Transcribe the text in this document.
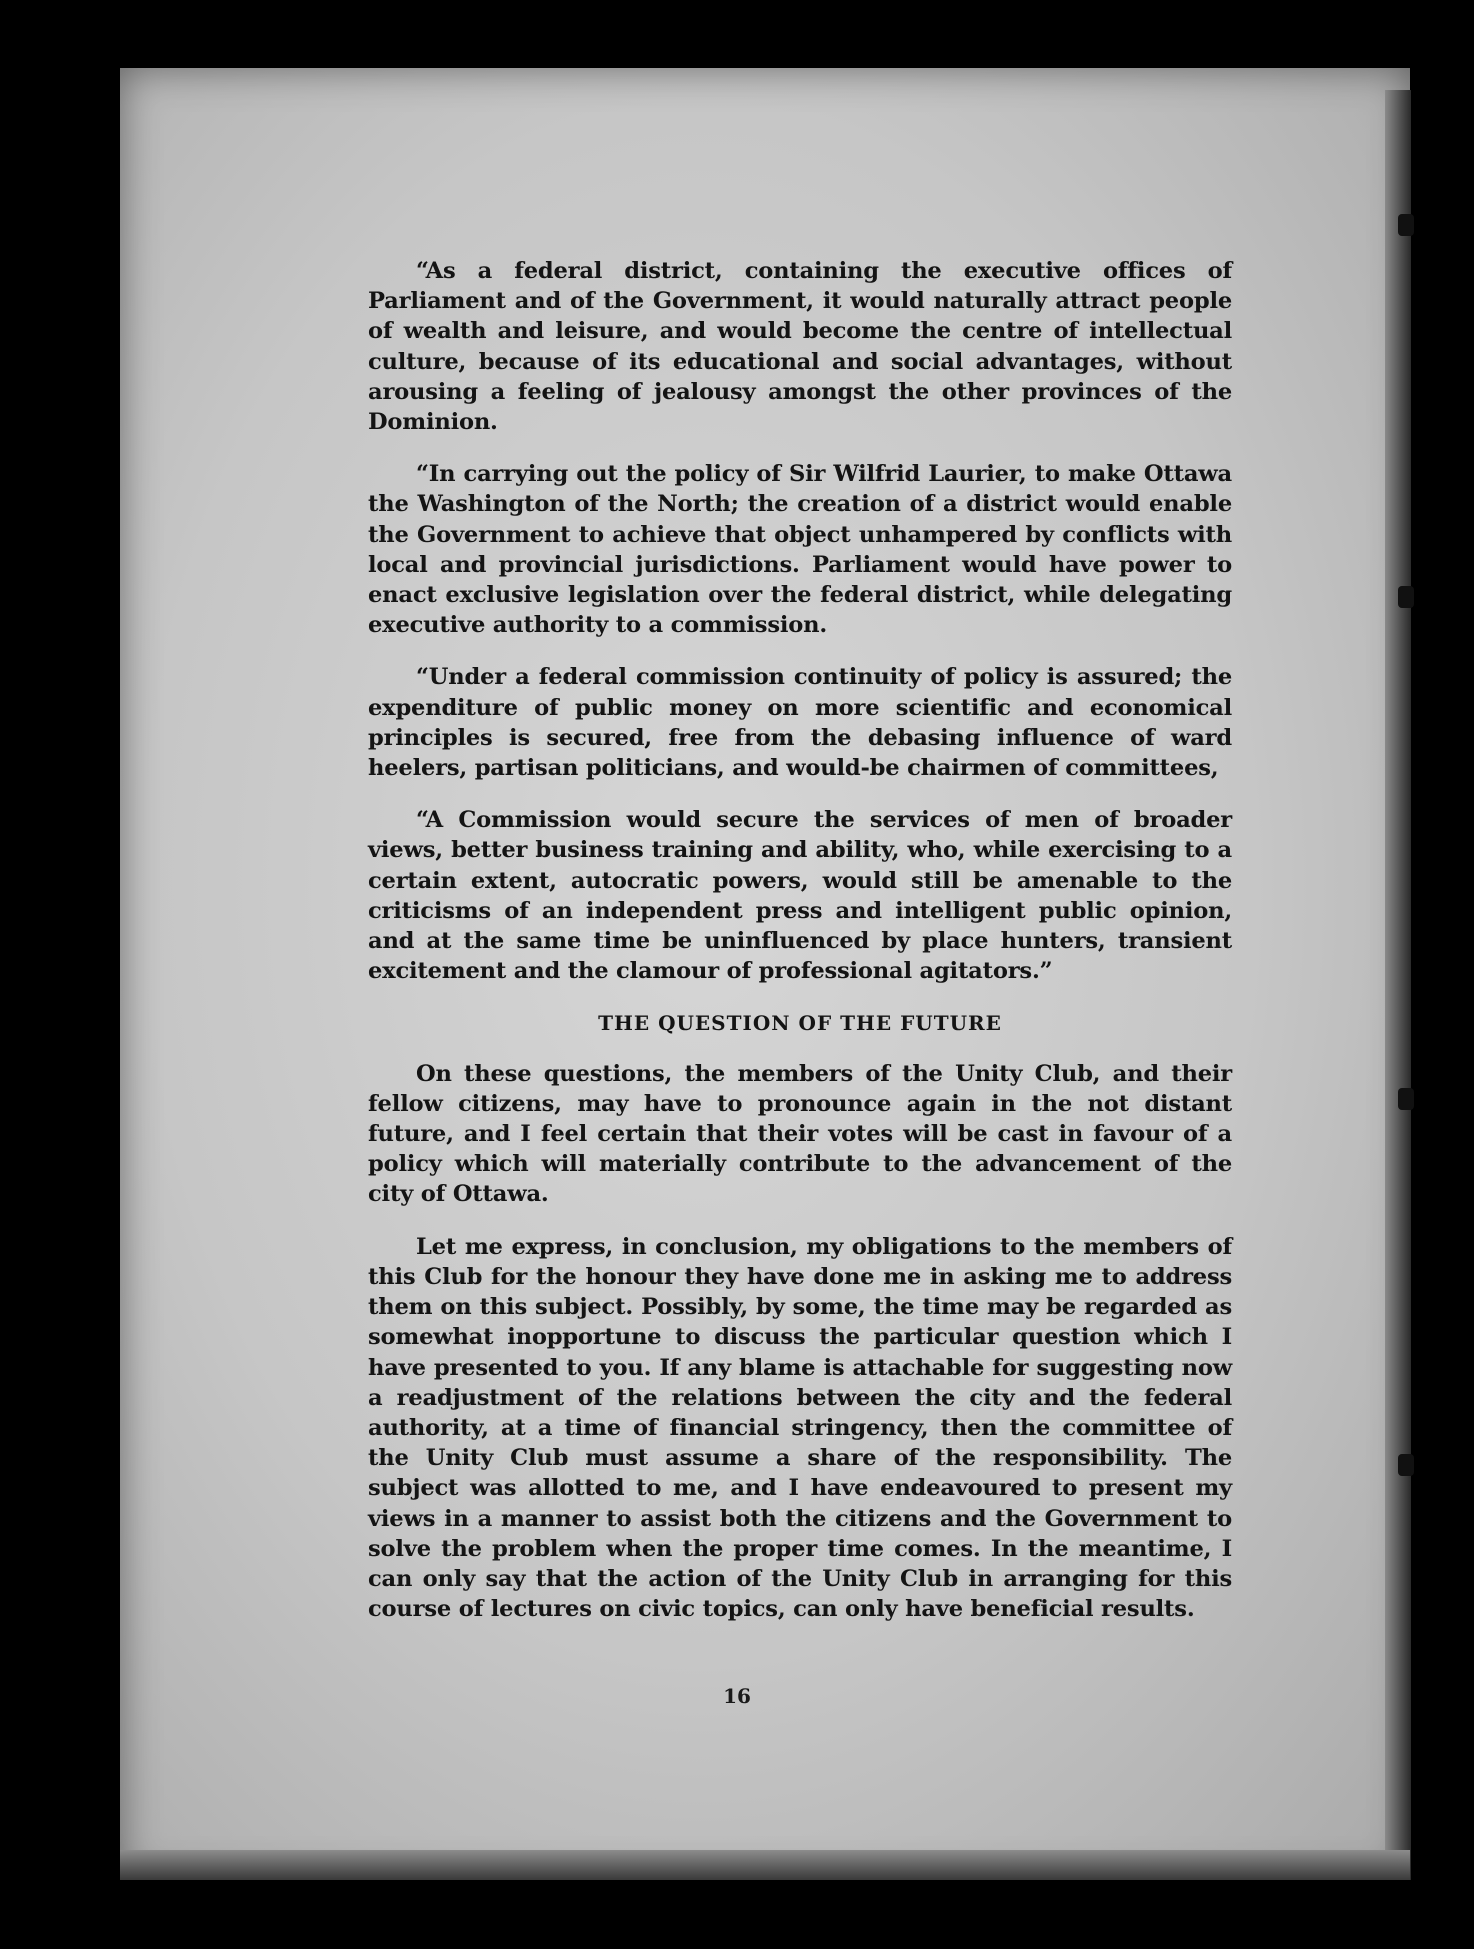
“As a federal district, containing the executive offices of Parliament and of the Government, it would naturally attract people of wealth and leisure, and would become the centre of intellectual culture, because of its educational and social advantages, without arousing a feeling of jealousy amongst the other provinces of the Dominion.

“In carrying out the policy of Sir Wilfrid Laurier, to make Ottawa the Washington of the North; the creation of a district would enable the Government to achieve that object unhampered by conflicts with local and provincial jurisdictions. Parliament would have power to enact exclusive legislation over the federal district, while delegating executive authority to a commission.

“Under a federal commission continuity of policy is assured; the expenditure of public money on more scientific and economical principles is secured, free from the debasing influence of ward heelers, partisan politicians, and would-be chairmen of committees,

“A Commission would secure the services of men of broader views, better business training and ability, who, while exercising to a certain extent, autocratic powers, would still be amenable to the criticisms of an independent press and intelligent public opinion, and at the same time be uninfluenced by place hunters, transient excitement and the clamour of professional agitators.”

THE QUESTION OF THE FUTURE

On these questions, the members of the Unity Club, and their fellow citizens, may have to pronounce again in the not distant future, and I feel certain that their votes will be cast in favour of a policy which will materially contribute to the advancement of the city of Ottawa.

Let me express, in conclusion, my obligations to the members of this Club for the honour they have done me in asking me to address them on this subject. Possibly, by some, the time may be regarded as somewhat inopportune to discuss the particular question which I have presented to you. If any blame is attachable for suggesting now a readjustment of the relations between the city and the federal authority, at a time of financial stringency, then the committee of the Unity Club must assume a share of the responsibility. The subject was allotted to me, and I have endeavoured to present my views in a manner to assist both the citizens and the Government to solve the problem when the proper time comes. In the meantime, I can only say that the action of the Unity Club in arranging for this course of lectures on civic topics, can only have beneficial results.

16
